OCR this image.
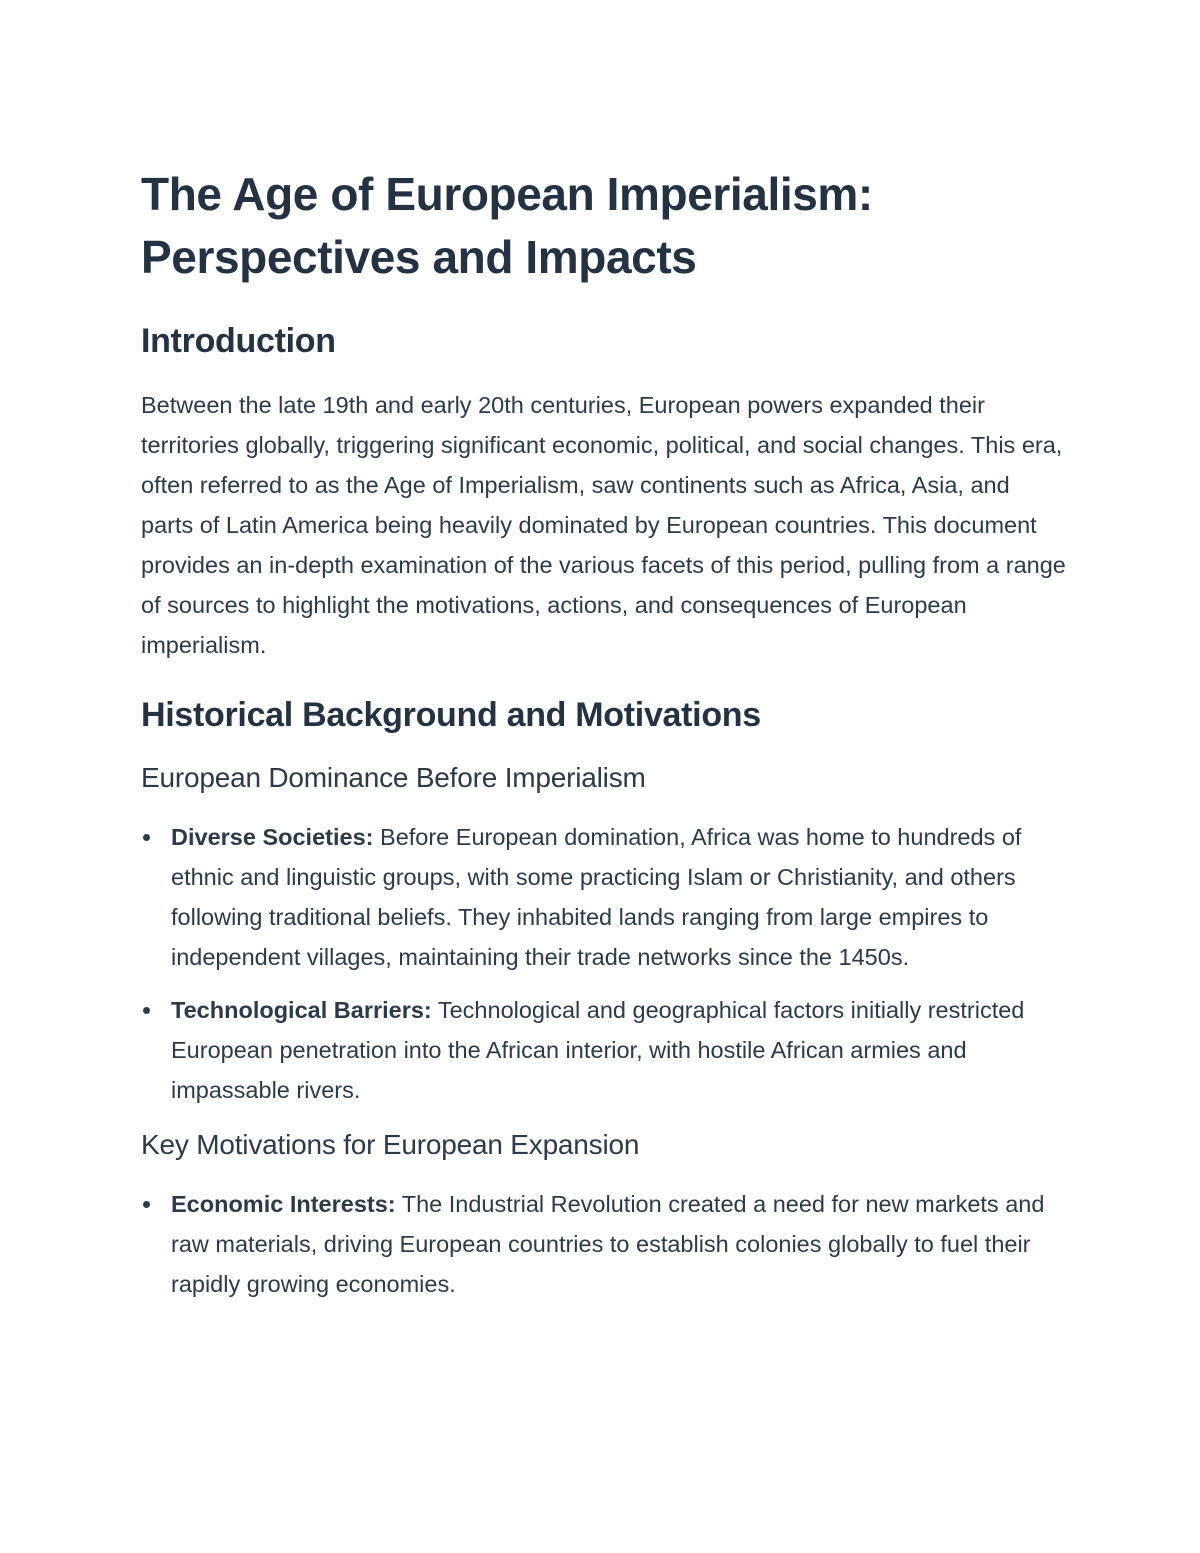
The Age of European Imperialism: Perspectives and Impacts
Introduction

Between the late 19th and early 20th centuries, European powers expanded their territories globally, triggering significant economic, political, and social changes. This era, often referred to as the Age of Imperialism, saw continents such as Africa, Asia, and parts of Latin America being heavily dominated by European countries. This document provides an in-depth examination of the various facets of this period, pulling from a range of sources to highlight the motivations, actions, and consequences of European imperialism.

Historical Background and Motivations
European Dominance Before Imperialism
Diverse Societies: Before European domination, Africa was home to hundreds of ethnic and linguistic groups, with some practicing Islam or Christianity, and others following traditional beliefs. They inhabited lands ranging from large empires to independent villages, maintaining their trade networks since the 1450s.
Technological Barriers: Technological and geographical factors initially restricted European penetration into the African interior, with hostile African armies and impassable rivers.
Key Motivations for European Expansion
Economic Interests: The Industrial Revolution created a need for new markets and raw materials, driving European countries to establish colonies globally to fuel their rapidly growing economies.
